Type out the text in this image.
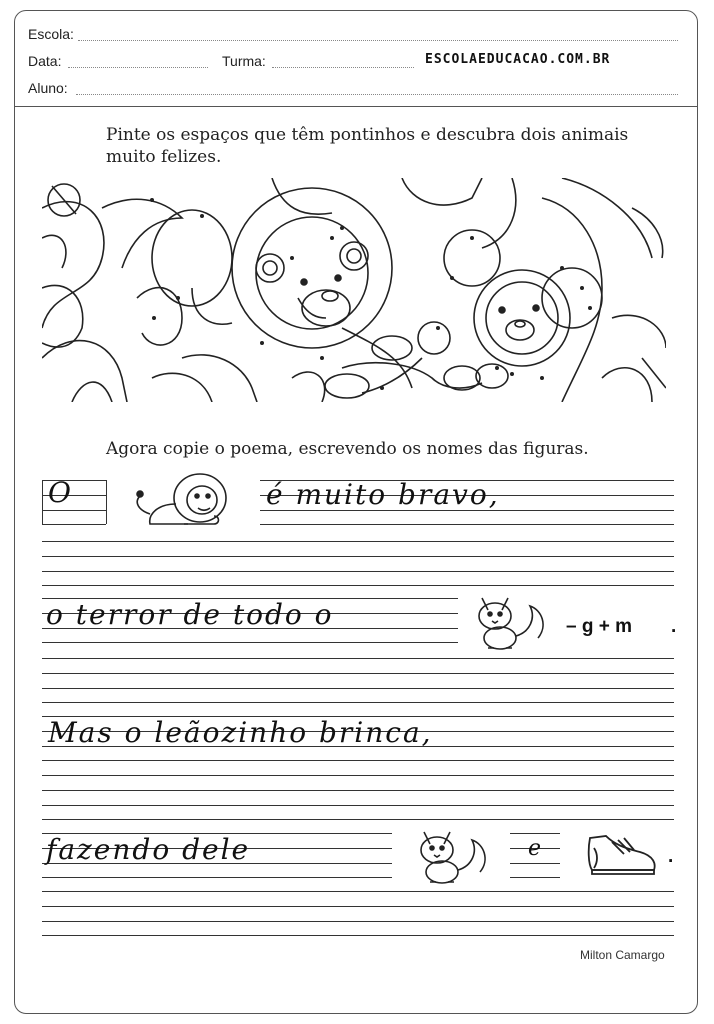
Escola:
Data:	Turma:	ESCOLAEDUCACAO.COM.BR
Aluno:
Pinte os espaços que têm pontinhos e descubra dois animais
muito felizes.
Agora copie o poema, escrevendo os nomes das figuras.
O	é muito bravo,
o terror de todo o	– g + m .
Mas o leãozinho brinca,
fazendo dele	e	.
Milton Camargo
